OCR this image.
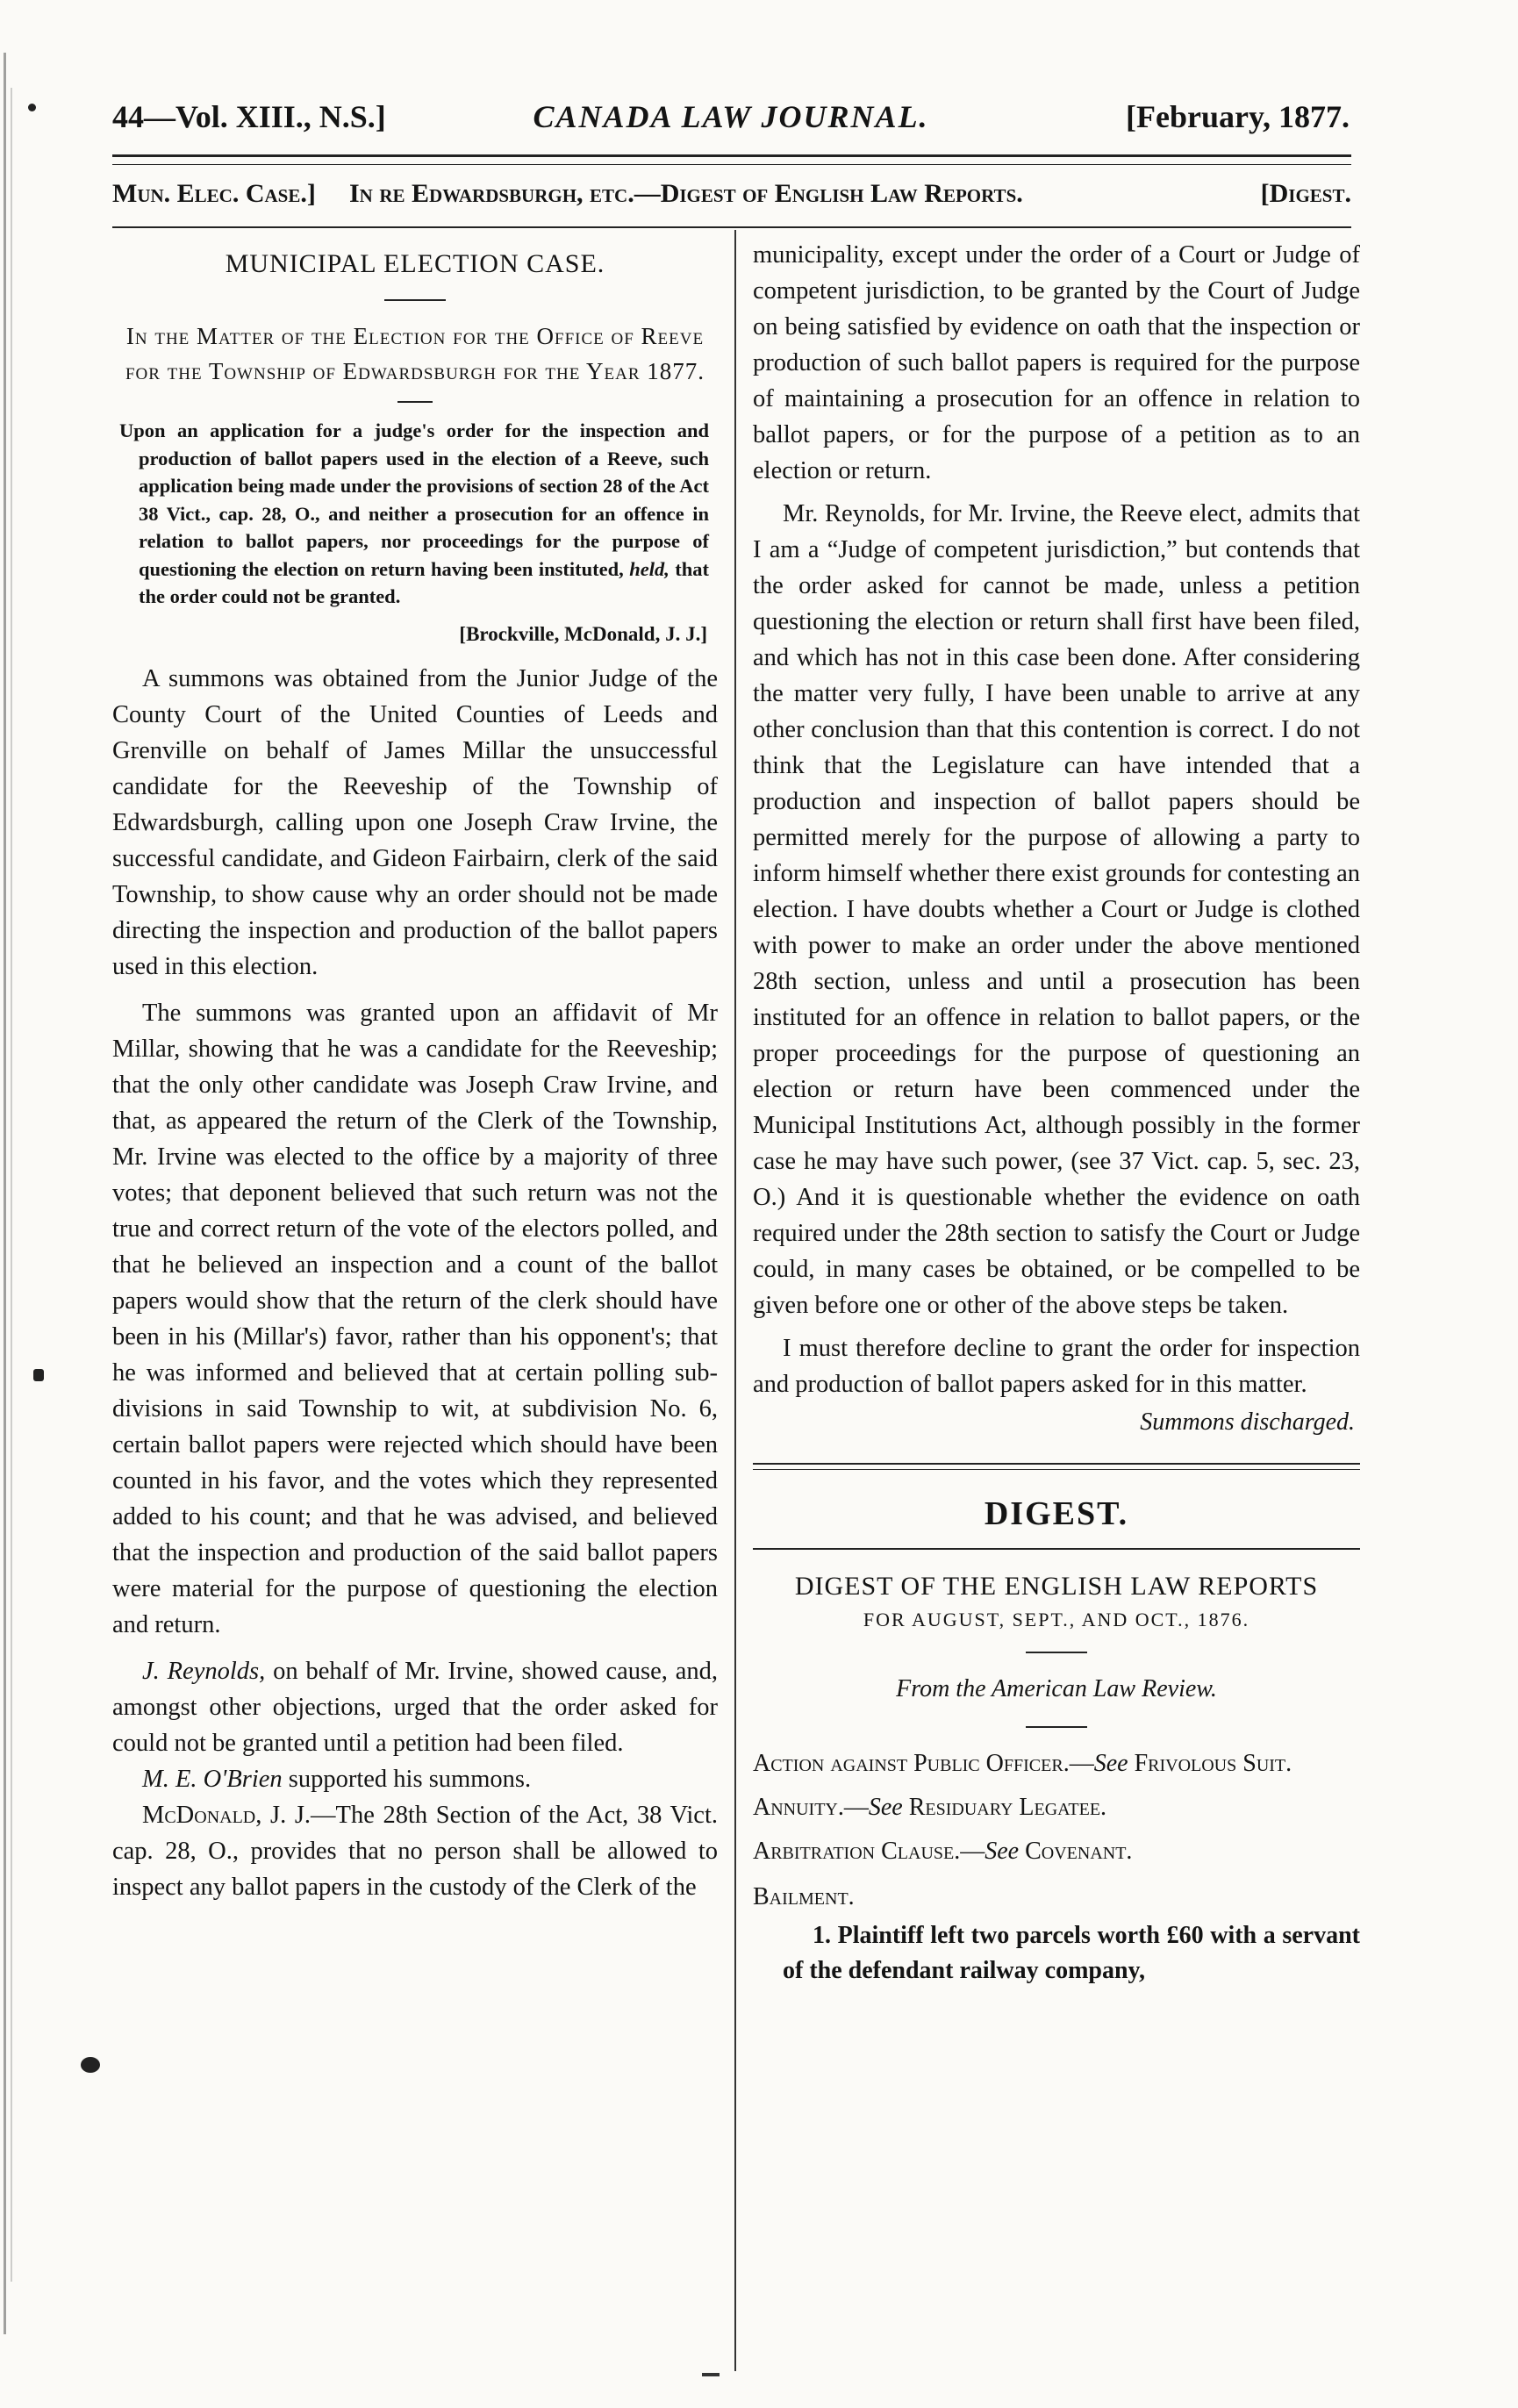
44—Vol. XIII., N.S.]	CANADA LAW JOURNAL.	[February, 1877.
Mun. Elec. Case.] In re Edwardsburgh, etc.—Digest of English Law Reports.	[Digest.
MUNICIPAL ELECTION CASE.
In the Matter of the Election for the Office of Reeve for the Township of Edwardsburgh for the Year 1877.
Upon an application for a judge's order for the inspection and production of ballot papers used in the election of a Reeve, such application being made under the provisions of section 28 of the Act 38 Vict., cap. 28, O., and neither a prosecution for an offence in relation to ballot papers, nor proceedings for the purpose of questioning the election on return having been instituted, held, that the order could not be granted.
[Brockville, McDonald, J. J.]

A summons was obtained from the Junior Judge of the County Court of the United Counties of Leeds and Grenville on behalf of James Millar the unsuccessful candidate for the Reeveship of the Township of Edwardsburgh, calling upon one Joseph Craw Irvine, the successful candidate, and Gideon Fairbairn, clerk of the said Township, to show cause why an order should not be made directing the inspection and production of the ballot papers used in this election.

The summons was granted upon an affidavit of Mr Millar, showing that he was a candidate for the Reeveship; that the only other candidate was Joseph Craw Irvine, and that, as appeared the return of the Clerk of the Township, Mr. Irvine was elected to the office by a majority of three votes; that deponent believed that such return was not the true and correct return of the vote of the electors polled, and that he believed an inspection and a count of the ballot papers would show that the return of the clerk should have been in his (Millar's) favor, rather than his opponent's; that he was informed and believed that at certain polling sub-divisions in said Township to wit, at subdivision No. 6, certain ballot papers were rejected which should have been counted in his favor, and the votes which they represented added to his count; and that he was advised, and believed that the inspection and production of the said ballot papers were material for the purpose of questioning the election and return.

J. Reynolds, on behalf of Mr. Irvine, showed cause, and, amongst other objections, urged that the order asked for could not be granted until a petition had been filed.

M. E. O'Brien supported his summons.

McDonald, J. J.—The 28th Section of the Act, 38 Vict. cap. 28, O., provides that no person shall be allowed to inspect any ballot papers in the custody of the Clerk of the

municipality, except under the order of a Court or Judge of competent jurisdiction, to be granted by the Court of Judge on being satisfied by evidence on oath that the inspection or production of such ballot papers is required for the purpose of maintaining a prosecution for an offence in relation to ballot papers, or for the purpose of a petition as to an election or return.

Mr. Reynolds, for Mr. Irvine, the Reeve elect, admits that I am a “Judge of competent jurisdiction,” but contends that the order asked for cannot be made, unless a petition questioning the election or return shall first have been filed, and which has not in this case been done. After considering the matter very fully, I have been unable to arrive at any other conclusion than that this contention is correct. I do not think that the Legislature can have intended that a production and inspection of ballot papers should be permitted merely for the purpose of allowing a party to inform himself whether there exist grounds for contesting an election. I have doubts whether a Court or Judge is clothed with power to make an order under the above mentioned 28th section, unless and until a prosecution has been instituted for an offence in relation to ballot papers, or the proper proceedings for the purpose of questioning an election or return have been commenced under the Municipal Institutions Act, although possibly in the former case he may have such power, (see 37 Vict. cap. 5, sec. 23, O.) And it is questionable whether the evidence on oath required under the 28th section to satisfy the Court or Judge could, in many cases be obtained, or be compelled to be given before one or other of the above steps be taken.

I must therefore decline to grant the order for inspection and production of ballot papers asked for in this matter.

Summons discharged.
DIGEST.
DIGEST OF THE ENGLISH LAW REPORTS
FOR AUGUST, SEPT., AND OCT., 1876.
From the American Law Review.
Action against Public Officer.—See Frivolous Suit.
Annuity.—See Residuary Legatee.
Arbitration Clause.—See Covenant.
Bailment.

1. Plaintiff left two parcels worth £60 with a servant of the defendant railway company,
